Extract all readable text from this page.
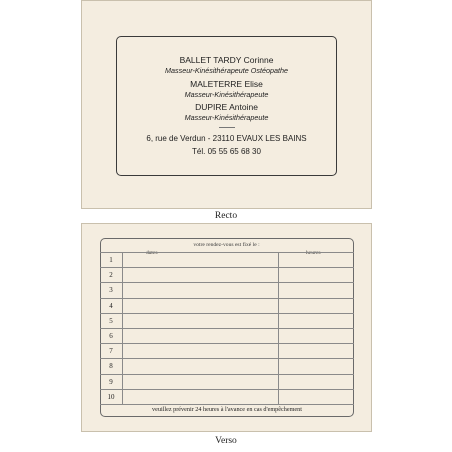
BALLET TARDY Corinne
Masseur-Kinésithérapeute Ostéopathe
MALETERRE Elise
Masseur-Kinésithérapeute
DUPIRE Antoine
Masseur-Kinésithérapeute
6, rue de Verdun - 23110 EVAUX LES BAINS
Tél. 05 55 65 68 30
Recto
votre rendez-vous est fixé le :
dates	heures
1
2
3
4
5
6
7
8
9
10
veuillez prévenir 24 heures à l'avance en cas d'empêchement
Verso
